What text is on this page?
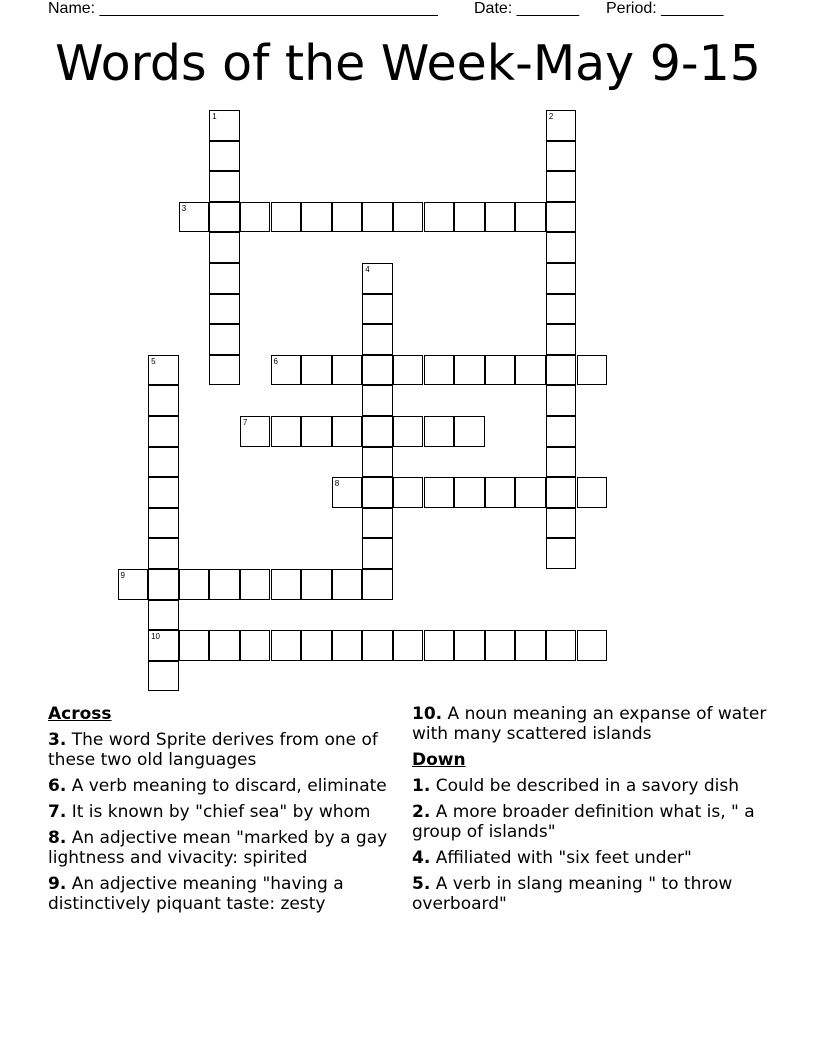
Name: ______________________________________ Date: _______ Period: _______
Words of the Week-May 9-15
1	2
3
4
5	6
7
8
9
10
Across
3. The word Sprite derives from one of these two old languages
6. A verb meaning to discard, eliminate
7. It is known by "chief sea" by whom
8. An adjective mean "marked by a gay lightness and vivacity: spirited
9. An adjective meaning "having a distinctively piquant taste: zesty
10. A noun meaning an expanse of water with many scattered islands
Down
1. Could be described in a savory dish
2. A more broader definition what is, " a group of islands"
4. Affiliated with "six feet under"
5. A verb in slang meaning " to throw overboard"
